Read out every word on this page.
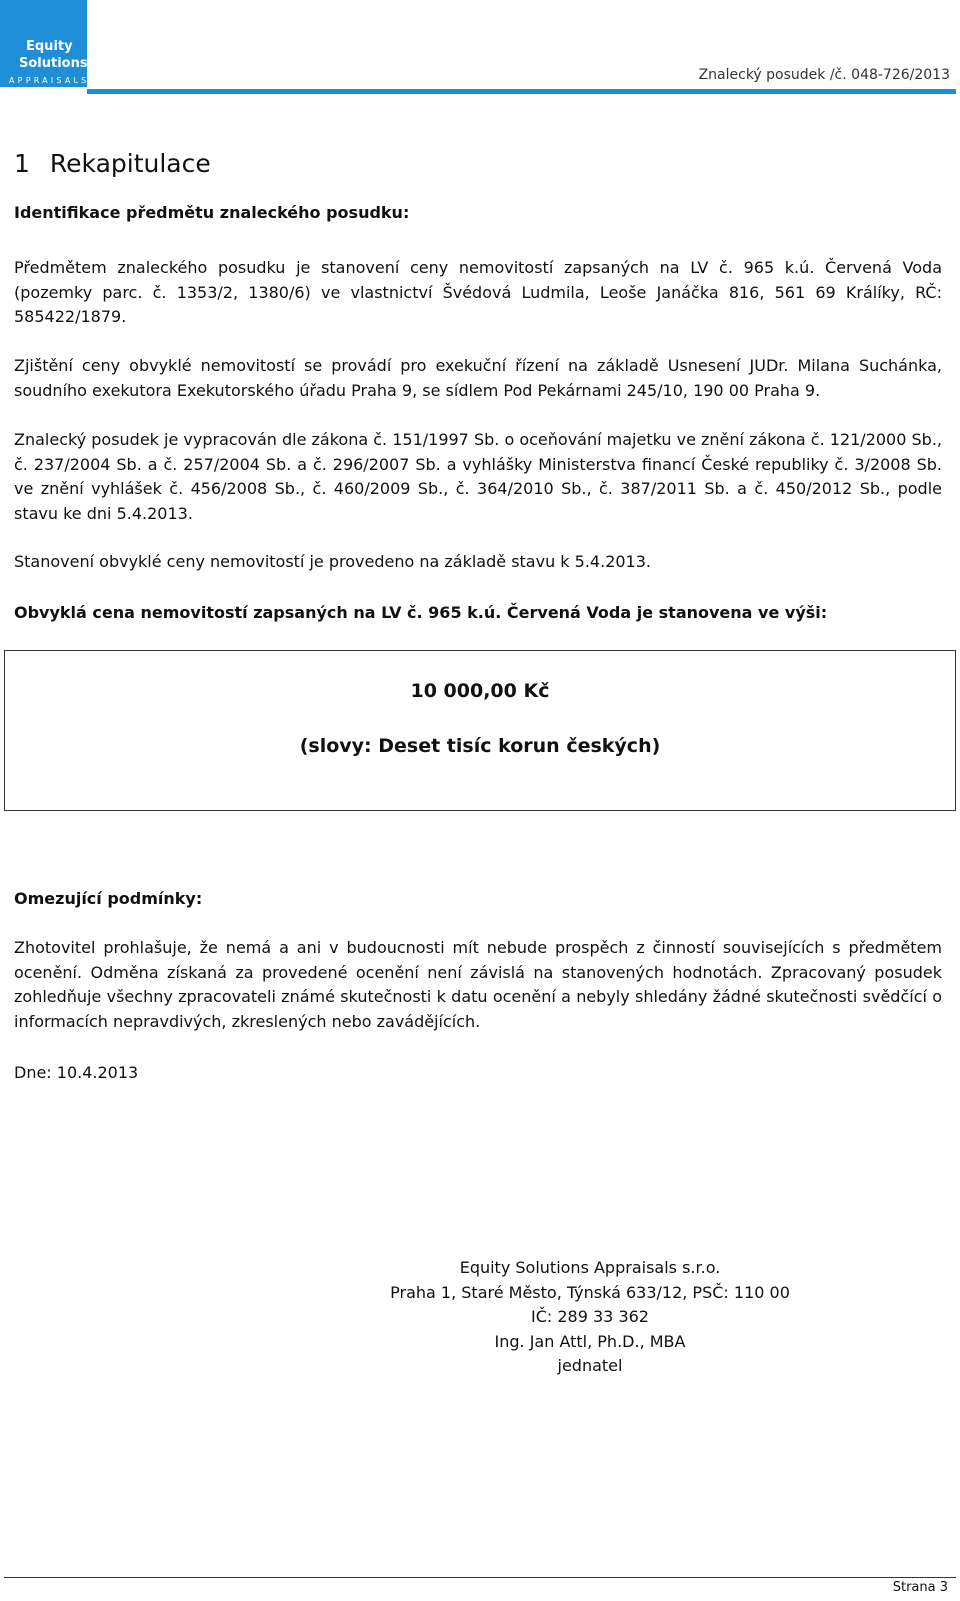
Equity
Solutions
APPRAISALS	Znalecký posudek /č. 048-726/2013
1 Rekapitulace
Identifikace předmětu znaleckého posudku:
Předmětem znaleckého posudku je stanovení ceny nemovitostí zapsaných na LV č. 965 k.ú. Červená Voda (pozemky parc. č. 1353/2, 1380/6) ve vlastnictví Švédová Ludmila, Leoše Janáčka 816, 561 69 Králíky, RČ: 585422/1879.
Zjištění ceny obvyklé nemovitostí se provádí pro exekuční řízení na základě Usnesení JUDr. Milana Suchánka, soudního exekutora Exekutorského úřadu Praha 9, se sídlem Pod Pekárnami 245/10, 190 00 Praha 9.
Znalecký posudek je vypracován dle zákona č. 151/1997 Sb. o oceňování majetku ve znění zákona č. 121/2000 Sb., č. 237/2004 Sb. a č. 257/2004 Sb. a č. 296/2007 Sb. a vyhlášky Ministerstva financí České republiky č. 3/2008 Sb. ve znění vyhlášek č. 456/2008 Sb., č. 460/2009 Sb., č. 364/2010 Sb., č. 387/2011 Sb. a č. 450/2012 Sb., podle stavu ke dni 5.4.2013.
Stanovení obvyklé ceny nemovitostí je provedeno na základě stavu k 5.4.2013.
Obvyklá cena nemovitostí zapsaných na LV č. 965 k.ú. Červená Voda je stanovena ve výši:
10 000,00 Kč
(slovy: Deset tisíc korun českých)
Omezující podmínky:
Zhotovitel prohlašuje, že nemá a ani v budoucnosti mít nebude prospěch z činností souvisejících s předmětem ocenění. Odměna získaná za provedené ocenění není závislá na stanovených hodnotách. Zpracovaný posudek zohledňuje všechny zpracovateli známé skutečnosti k datu ocenění a nebyly shledány žádné skutečnosti svědčící o informacích nepravdivých, zkreslených nebo zavádějících.
Dne: 10.4.2013
Equity Solutions Appraisals s.r.o.
Praha 1, Staré Město, Týnská 633/12, PSČ: 110 00
IČ: 289 33 362
Ing. Jan Attl, Ph.D., MBA
jednatel
Strana 3
